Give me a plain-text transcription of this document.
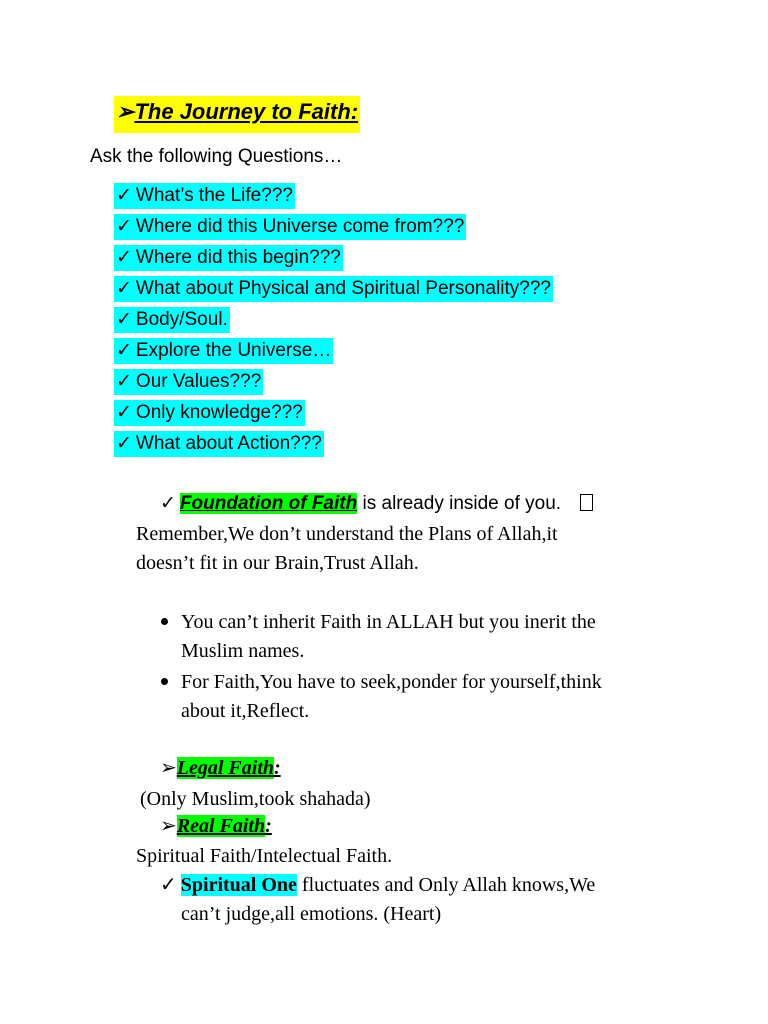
➢The Journey to Faith:
Ask the following Questions…
✓ What’s the Life???
✓ Where did this Universe come from???
✓ Where did this begin???
✓ What about Physical and Spiritual Personality???
✓ Body/Soul.
✓ Explore the Universe…
✓ Our Values???
✓ Only knowledge???
✓ What about Action???
✓ Foundation of Faith is already inside of you.
Remember,We don’t understand the Plans of Allah,it
doesn’t fit in our Brain,Trust Allah.
You can’t inherit Faith in ALLAH but you inerit the
Muslim names.
For Faith,You have to seek,ponder for yourself,think
about it,Reflect.
➢Legal Faith:
(Only Muslim,took shahada)
➢Real Faith:
Spiritual Faith/Intelectual Faith.
✓ Spiritual One fluctuates and Only Allah knows,We
can’t judge,all emotions. (Heart)
